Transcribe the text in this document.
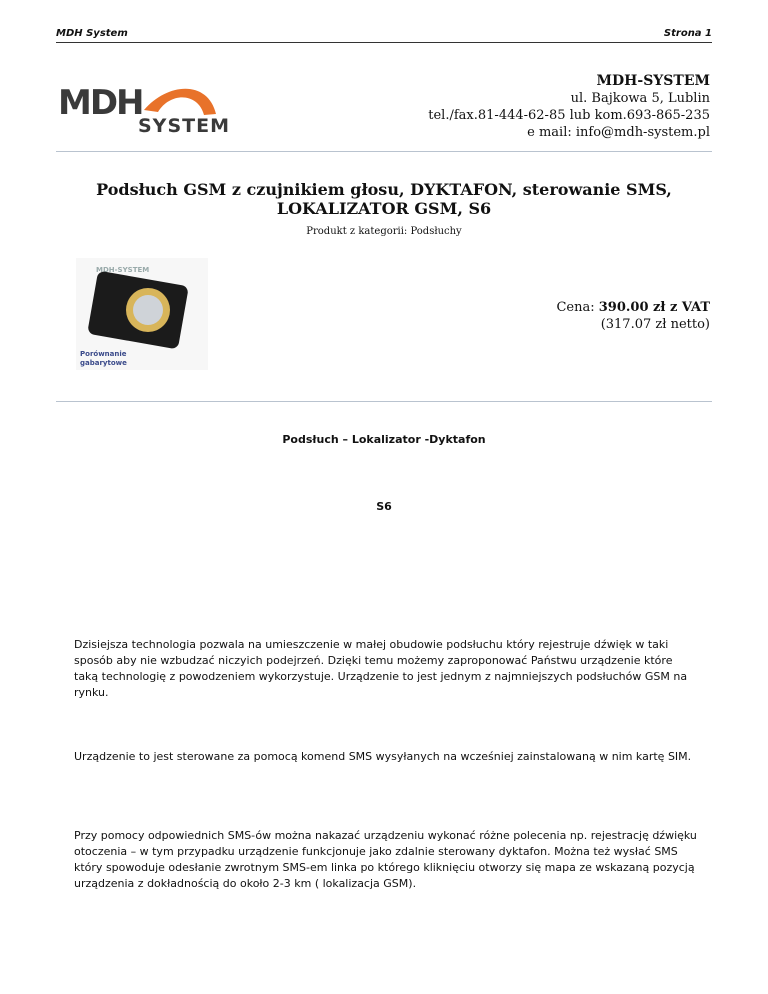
MDH System	Strona 1
MDH
SYSTEM
MDH-SYSTEM
ul. Bajkowa 5, Lublin
tel./fax.81-444-62-85 lub kom.693-865-235
e mail: info@mdh-system.pl
Podsłuch GSM z czujnikiem głosu, DYKTAFON, sterowanie SMS,
LOKALIZATOR GSM, S6
Produkt z kategorii: Podsłuchy
MDH-SYSTEM
Porównanie
gabarytowe
Cena: 390.00 zł z VAT
(317.07 zł netto)
Podsłuch – Lokalizator -Dyktafon
S6

Dzisiejsza technologia pozwala na umieszczenie w małej obudowie podsłuchu który rejestruje dźwięk w taki sposób aby nie wzbudzać niczyich podejrzeń. Dzięki temu możemy zaproponować Państwu urządzenie które taką technologię z powodzeniem wykorzystuje. Urządzenie to jest jednym z najmniejszych podsłuchów GSM na rynku.

Urządzenie to jest sterowane za pomocą komend SMS wysyłanych na wcześniej zainstalowaną w nim kartę SIM.

Przy pomocy odpowiednich SMS-ów można nakazać urządzeniu wykonać różne polecenia np. rejestrację dźwięku otoczenia – w tym przypadku urządzenie funkcjonuje jako zdalnie sterowany dyktafon. Można też wysłać SMS który spowoduje odesłanie zwrotnym SMS-em linka po którego kliknięciu otworzy się mapa ze wskazaną pozycją urządzenia z dokładnością do około 2-3 km ( lokalizacja GSM).
